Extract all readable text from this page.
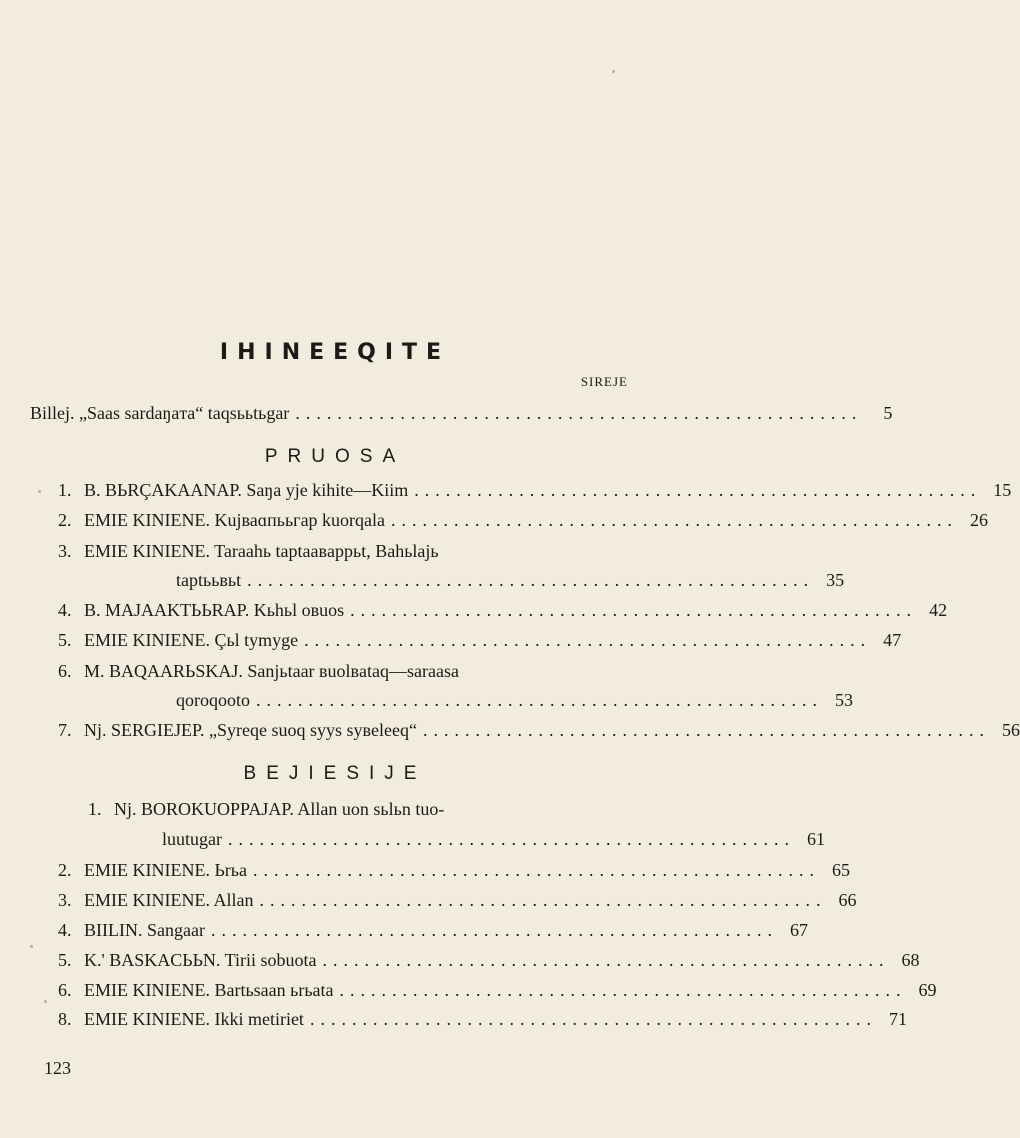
IHINEEQITE
SIREJE
Billej. „Saas sardaŋaтa“ taqsььtьgar ......................................................	5
PRUOSA
1. B. BЬRÇAKAANAP. Saŋa yje kihite—Kiim ...................................................... 15
2. EMIE KINIENE. Kujваɑпььгар kuorqala ...................................................... 26
3. EMIE KINIENE. Taraahь taptaавaррьt, Bahьlajь
taptььвьt ...................................................... 35
4. B. MAJAAKTЬЬRAP. Kьhьl oвuos ...................................................... 42
5. EMIE KINIENE. Çьl tymyge ...................................................... 47
6. M. BAQAARЬSKAJ. Sanjьtaar вuolвataq—saraasa
qoroqooto ...................................................... 53
7. Nj. SERGIEJEP. „Syreqe suoq syys syвeleeq“ ...................................................... 56
BEJIESIJE
1. Nj. BOROKUOPPAJAP. Allan uon sьlьn tuo-
luutugar ...................................................... 61
2. EMIE KINIENE. Ьrьa ...................................................... 65
3. EMIE KINIENE. Allan ...................................................... 66
4. BIILIN. Sangaar ...................................................... 67
5. K.' BASKACЬЬN. Tirii sobuota ...................................................... 68
6. EMIE KINIENE. Bartьsaan ьrьata ...................................................... 69
8. EMIE KINIENE. Ikki metiriet ...................................................... 71
123
